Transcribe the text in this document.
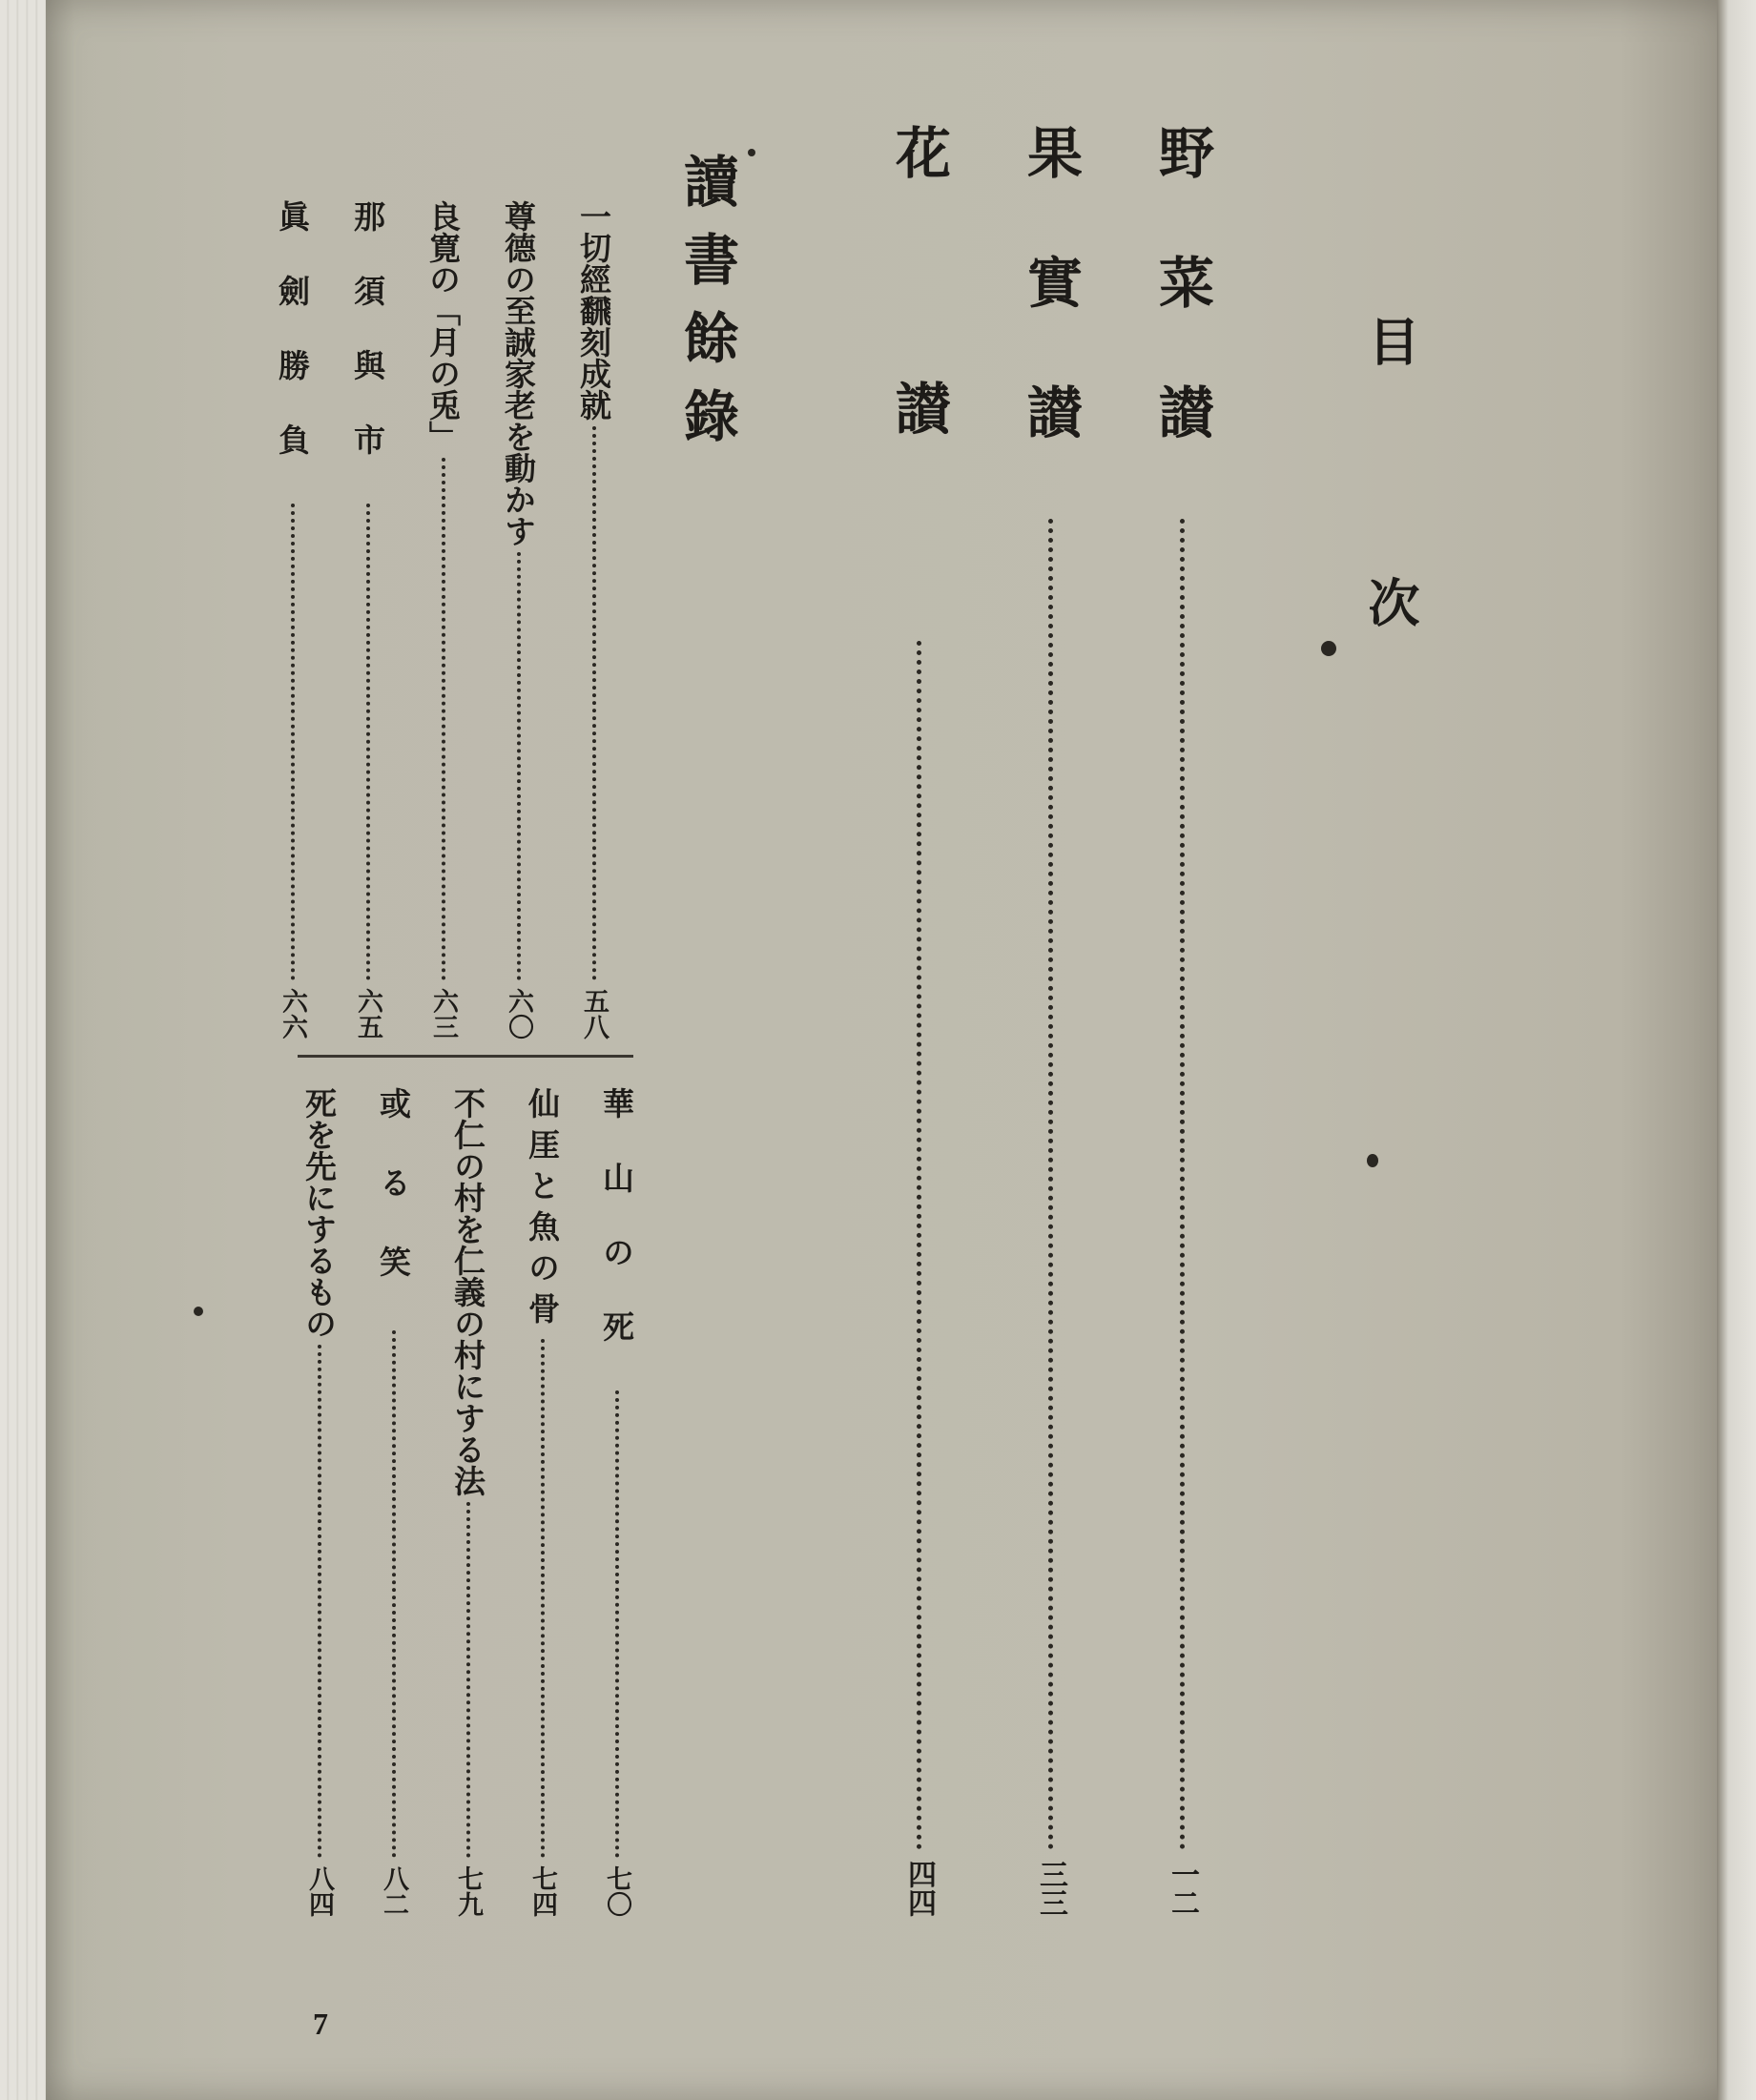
目次
野菜讃
一二
果實讃
三三
花讃
四四
讀書餘錄
一切經飜刻成就
五八
尊德の至誠家老を動かす
六〇
良寛の「月の兎」
六三
那須與市
六五
眞劍勝負
六六
華山の死
七〇
仙厓と魚の骨
七四
不仁の村を仁義の村にする法
七九
或る笑
八二
死を先にするもの
八四
7
